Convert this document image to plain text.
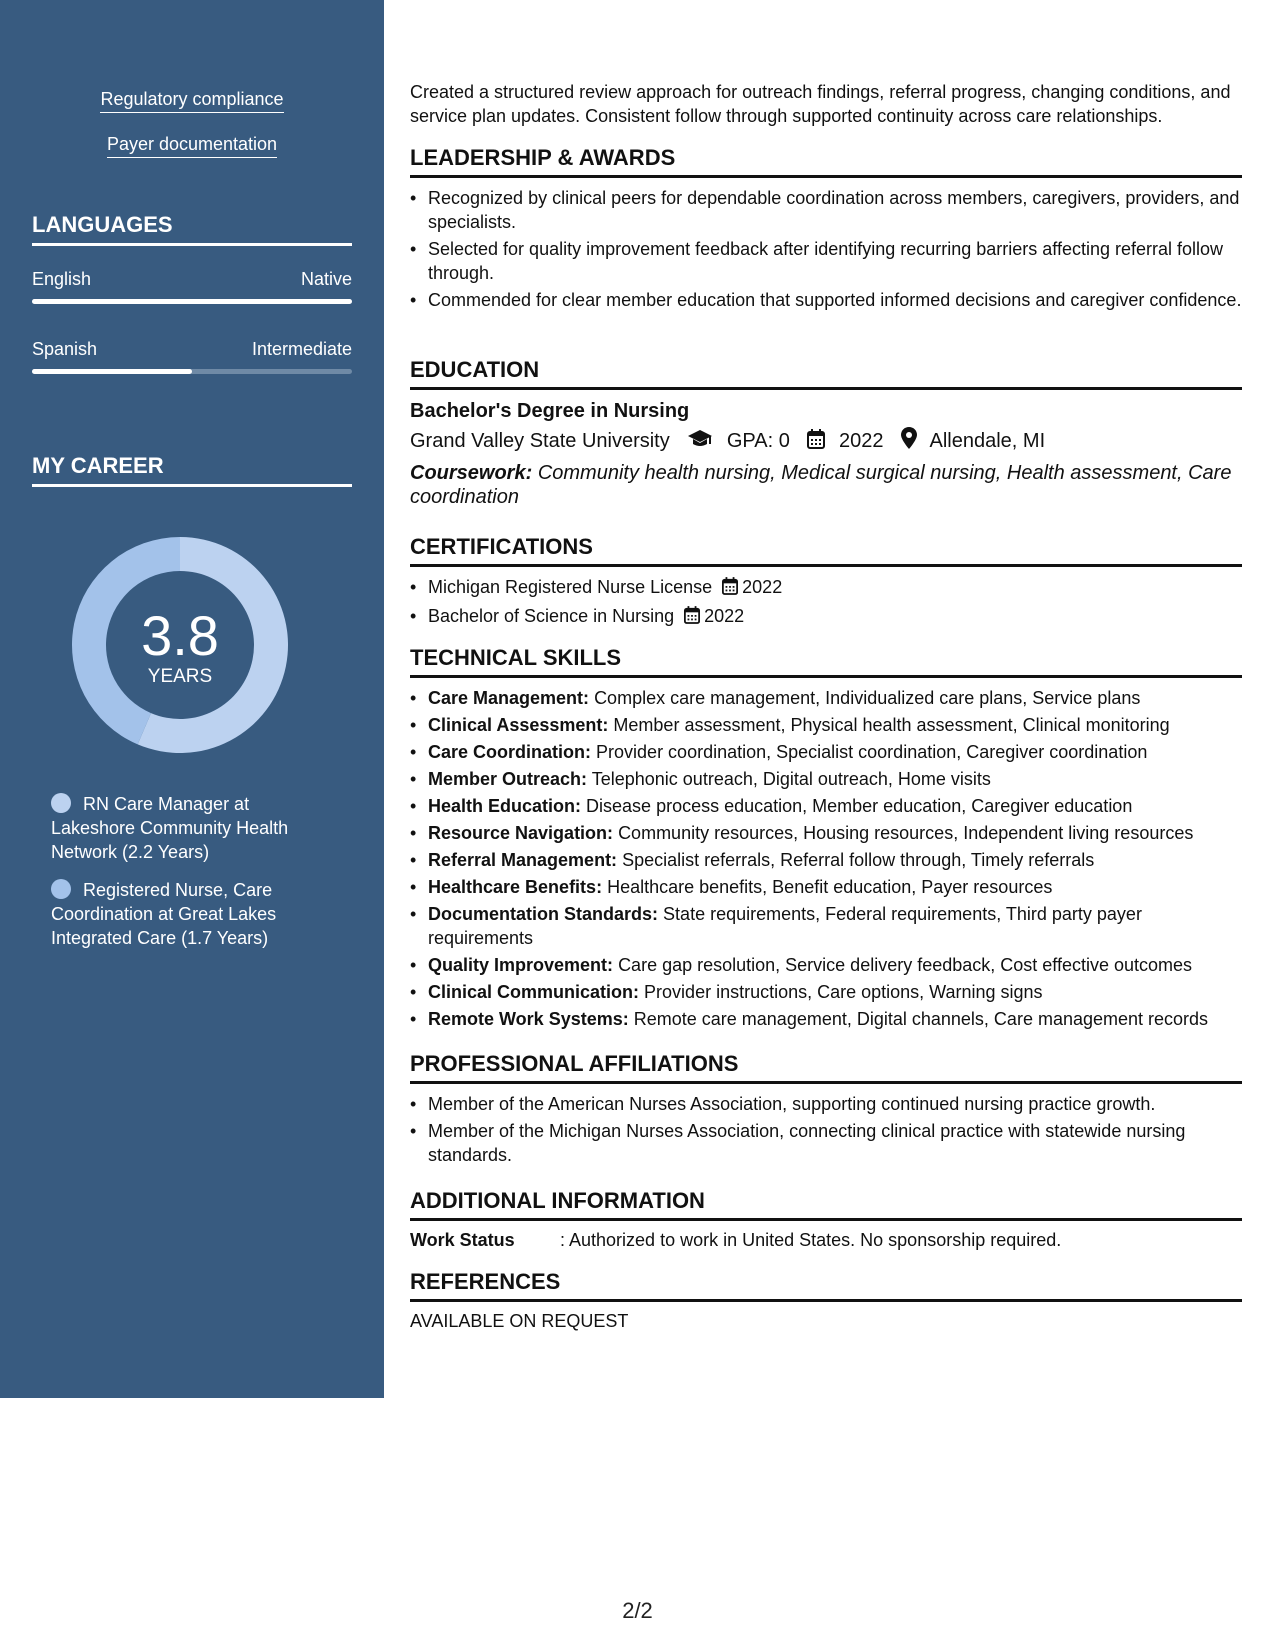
Regulatory compliance
Payer documentation
LANGUAGES
English	Native
Spanish	Intermediate
MY CAREER
3.8
YEARS
RN Care Manager at Lakeshore Community Health Network (2.2 Years)
Registered Nurse, Care Coordination at Great Lakes Integrated Care (1.7 Years)
Created a structured review approach for outreach findings, referral progress, changing conditions, and service plan updates. Consistent follow through supported continuity across care relationships.
LEADERSHIP & AWARDS
• Recognized by clinical peers for dependable coordination across members, caregivers, providers, and specialists.
• Selected for quality improvement feedback after identifying recurring barriers affecting referral follow through.
• Commended for clear member education that supported informed decisions and caregiver confidence.
EDUCATION
Bachelor's Degree in Nursing
Grand Valley State University	GPA: 0 2022 Allendale, MI
Coursework: Community health nursing, Medical surgical nursing, Health assessment, Care coordination
CERTIFICATIONS
• Michigan Registered Nurse License 2022
• Bachelor of Science in Nursing 2022
TECHNICAL SKILLS
• Care Management: Complex care management, Individualized care plans, Service plans
• Clinical Assessment: Member assessment, Physical health assessment, Clinical monitoring
• Care Coordination: Provider coordination, Specialist coordination, Caregiver coordination
• Member Outreach: Telephonic outreach, Digital outreach, Home visits
• Health Education: Disease process education, Member education, Caregiver education
• Resource Navigation: Community resources, Housing resources, Independent living resources
• Referral Management: Specialist referrals, Referral follow through, Timely referrals
• Healthcare Benefits: Healthcare benefits, Benefit education, Payer resources
• Documentation Standards: State requirements, Federal requirements, Third party payer requirements
• Quality Improvement: Care gap resolution, Service delivery feedback, Cost effective outcomes
• Clinical Communication: Provider instructions, Care options, Warning signs
• Remote Work Systems: Remote care management, Digital channels, Care management records
PROFESSIONAL AFFILIATIONS
• Member of the American Nurses Association, supporting continued nursing practice growth.
• Member of the Michigan Nurses Association, connecting clinical practice with statewide nursing standards.
ADDITIONAL INFORMATION
Work Status	: Authorized to work in United States. No sponsorship required.
REFERENCES
AVAILABLE ON REQUEST
2/2
